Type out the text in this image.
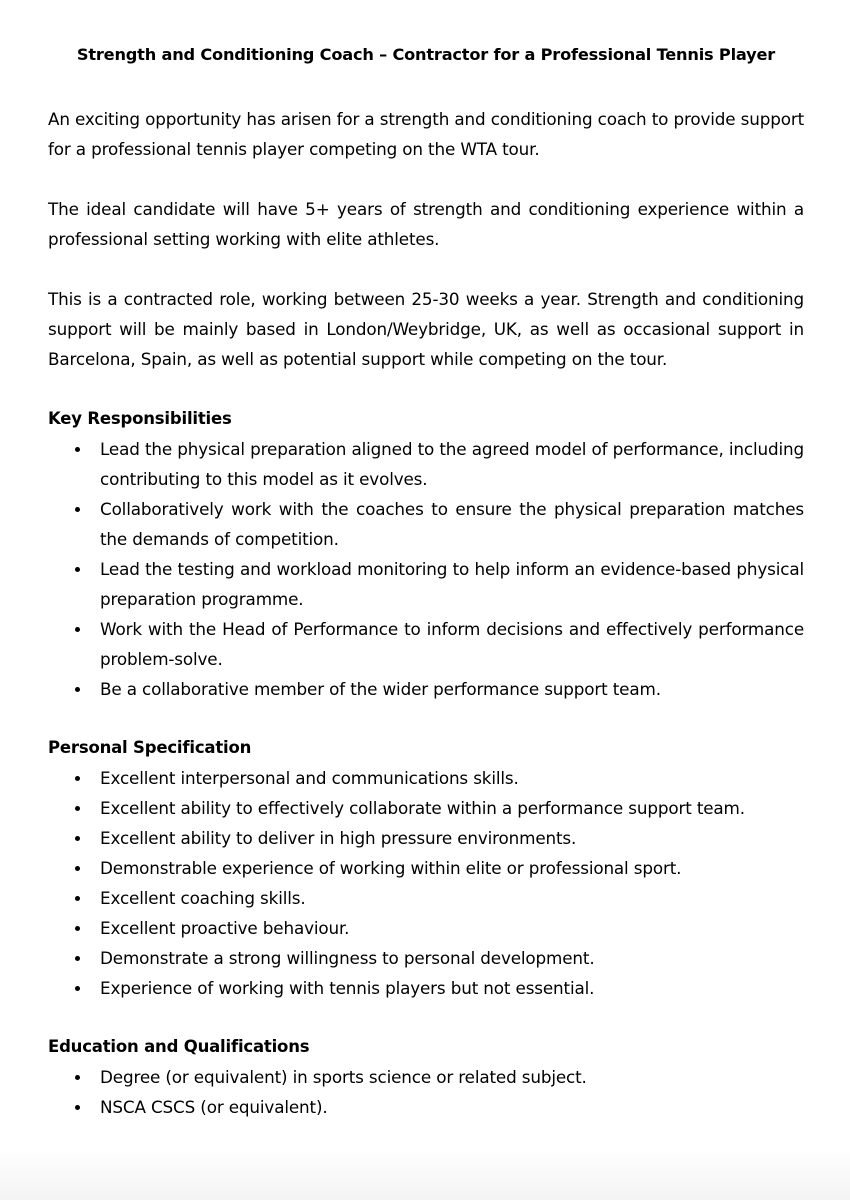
Strength and Conditioning Coach – Contractor for a Professional Tennis Player

An exciting opportunity has arisen for a strength and conditioning coach to provide support for a professional tennis player competing on the WTA tour.

The ideal candidate will have 5+ years of strength and conditioning experience within a professional setting working with elite athletes.

This is a contracted role, working between 25-30 weeks a year. Strength and conditioning support will be mainly based in London/Weybridge, UK, as well as occasional support in Barcelona, Spain, as well as potential support while competing on the tour.

Key Responsibilities
Lead the physical preparation aligned to the agreed model of performance, including contributing to this model as it evolves.
Collaboratively work with the coaches to ensure the physical preparation matches the demands of competition.
Lead the testing and workload monitoring to help inform an evidence-based physical preparation programme.
Work with the Head of Performance to inform decisions and effectively performance problem-solve.
Be a collaborative member of the wider performance support team.
Personal Specification
Excellent interpersonal and communications skills.
Excellent ability to effectively collaborate within a performance support team.
Excellent ability to deliver in high pressure environments.
Demonstrable experience of working within elite or professional sport.
Excellent coaching skills.
Excellent proactive behaviour.
Demonstrate a strong willingness to personal development.
Experience of working with tennis players but not essential.
Education and Qualifications
Degree (or equivalent) in sports science or related subject.
NSCA CSCS (or equivalent).
